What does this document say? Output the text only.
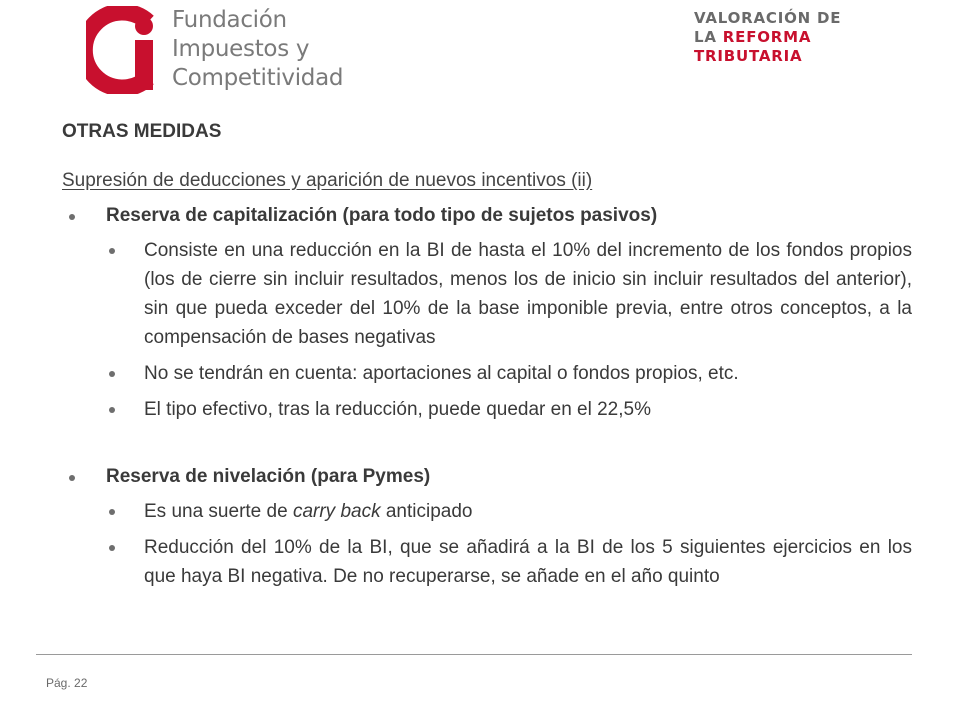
Fundación
Impuestos y
Competitividad
VALORACIÓN DE
LA REFORMA
TRIBUTARIA
OTRAS MEDIDAS
Supresión de deducciones y aparición de nuevos incentivos (ii)
Reserva de capitalización (para todo tipo de sujetos pasivos)
Consiste en una reducción en la BI de hasta el 10% del incremento de los fondos propios (los de cierre sin incluir resultados, menos los de inicio sin incluir resultados del anterior), sin que pueda exceder del 10% de la base imponible previa, entre otros conceptos, a la compensación de bases negativas
No se tendrán en cuenta: aportaciones al capital o fondos propios, etc.
El tipo efectivo, tras la reducción, puede quedar en el 22,5%
Reserva de nivelación (para Pymes)
Es una suerte de carry back anticipado
Reducción del 10% de la BI, que se añadirá a la BI de los 5 siguientes ejercicios en los que haya BI negativa. De no recuperarse, se añade en el año quinto
Pág. 22
